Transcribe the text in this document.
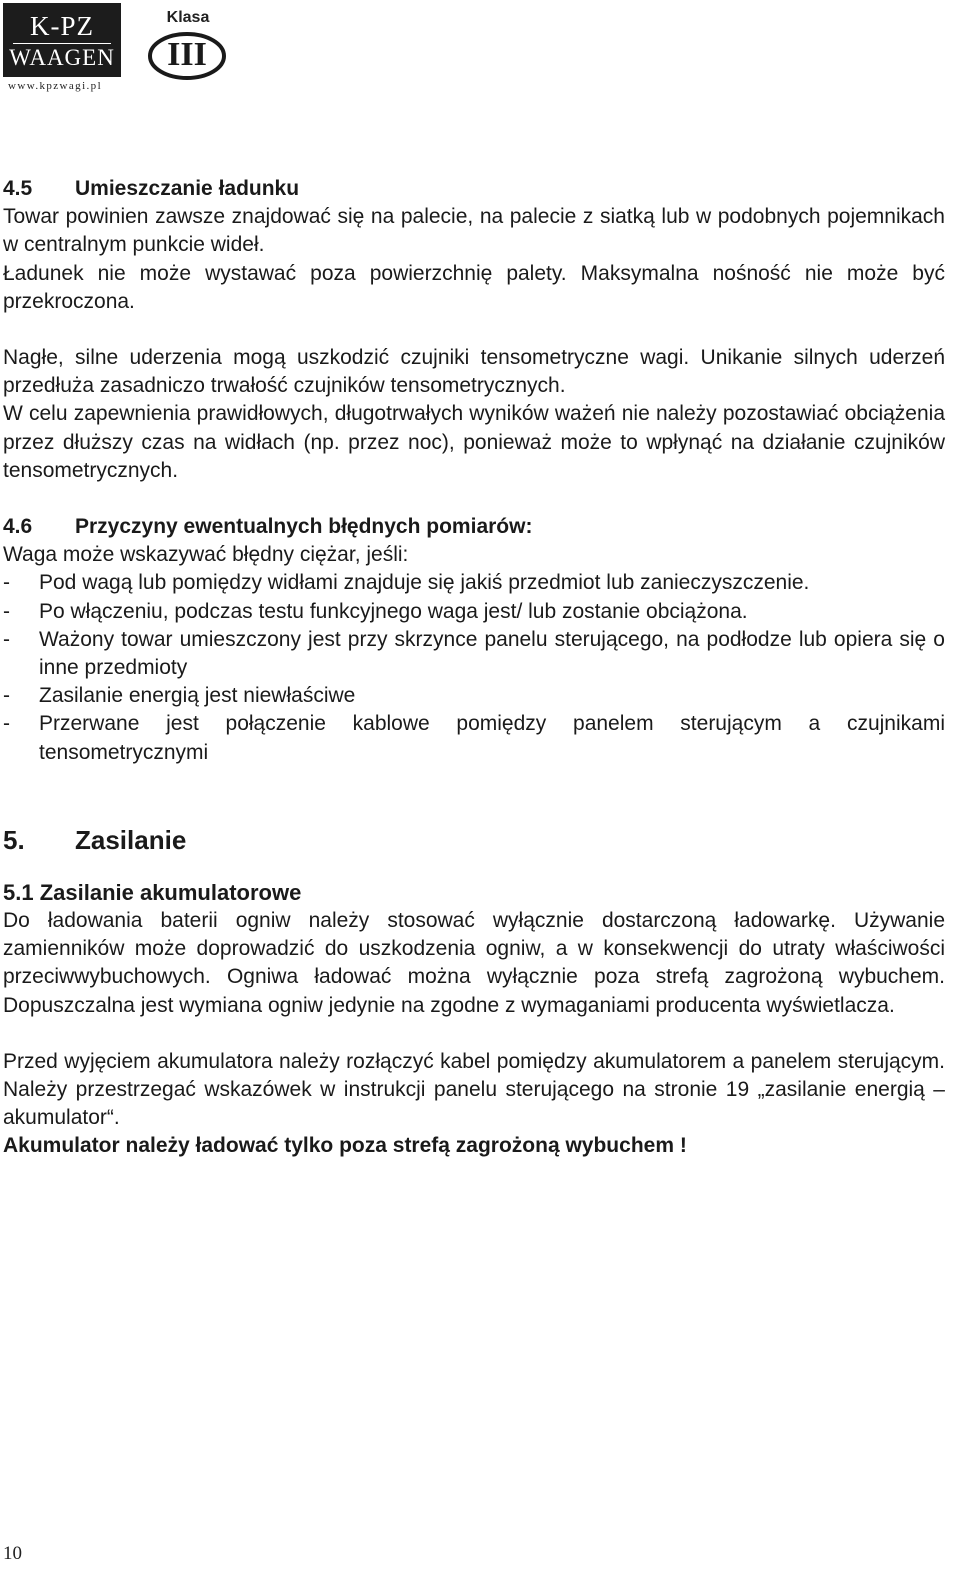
K-PZ
WAAGEN
www.kpzwagi.pl
Klasa
III
4.5 Umieszczanie ładunku

Towar powinien zawsze znajdować się na palecie, na palecie z siatką lub w podobnych pojemnikach w centralnym punkcie wideł.

Ładunek nie może wystawać poza powierzchnię palety. Maksymalna nośność nie może być przekroczona.

Nagłe, silne uderzenia mogą uszkodzić czujniki tensometryczne wagi. Unikanie silnych uderzeń przedłuża zasadniczo trwałość czujników tensometrycznych.

W celu zapewnienia prawidłowych, długotrwałych wyników ważeń nie należy pozostawiać obciążenia przez dłuższy czas na widłach (np. przez noc), ponieważ może to wpłynąć na działanie czujników tensometrycznych.

4.6 Przyczyny ewentualnych błędnych pomiarów:

Waga może wskazywać błędny ciężar, jeśli:

- Pod wagą lub pomiędzy widłami znajduje się jakiś przedmiot lub zanieczyszczenie.
- Po włączeniu, podczas testu funkcyjnego waga jest/ lub zostanie obciążona.
- Ważony towar umieszczony jest przy skrzynce panelu sterującego, na podłodze lub opiera się o inne przedmioty
- Zasilanie energią jest niewłaściwe
- Przerwane jest połączenie kablowe pomiędzy panelem sterującym a czujnikami tensometrycznymi
5. Zasilanie
5.1 Zasilanie akumulatorowe

Do ładowania baterii ogniw należy stosować wyłącznie dostarczoną ładowarkę. Używanie zamienników może doprowadzić do uszkodzenia ogniw, a w konsekwencji do utraty właściwości przeciwwybuchowych. Ogniwa ładować można wyłącznie poza strefą zagrożoną wybuchem. Dopuszczalna jest wymiana ogniw jedynie na zgodne z wymaganiami producenta wyświetlacza.

Przed wyjęciem akumulatora należy rozłączyć kabel pomiędzy akumulatorem a panelem sterującym. Należy przestrzegać wskazówek w instrukcji panelu sterującego na stronie 19 „zasilanie energią – akumulator“.

Akumulator należy ładować tylko poza strefą zagrożoną wybuchem !

10
